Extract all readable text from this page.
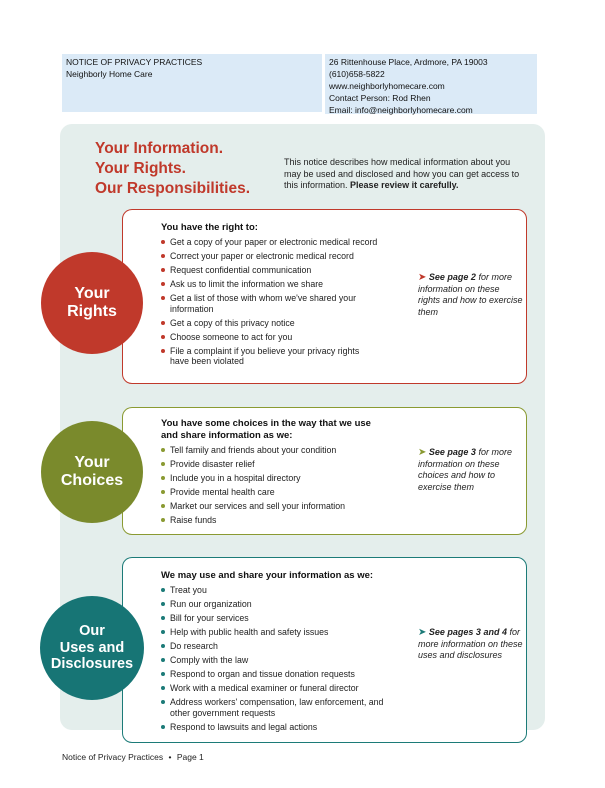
NOTICE OF PRIVACY PRACTICES
Neighborly Home Care
26 Rittenhouse Place, Ardmore, PA 19003
(610)658-5822
www.neighborlyhomecare.com
Contact Person: Rod Rhen
Email: info@neighborlyhomecare.com
Your Information.
Your Rights.
Our Responsibilities.
This notice describes how medical information about you may be used and disclosed and how you can get access to this information. Please review it carefully.
You have the right to:
Get a copy of your paper or electronic medical record
Correct your paper or electronic medical record
Request confidential communication
Ask us to limit the information we share
Get a list of those with whom we've shared your information
Get a copy of this privacy notice
Choose someone to act for you
File a complaint if you believe your privacy rights have been violated
➤ See page 2 for more information on these rights and how to exercise them
You have some choices in the way that we use and share information as we:
Tell family and friends about your condition
Provide disaster relief
Include you in a hospital directory
Provide mental health care
Market our services and sell your information
Raise funds
➤ See page 3 for more information on these choices and how to exercise them
We may use and share your information as we:
Treat you
Run our organization
Bill for your services
Help with public health and safety issues
Do research
Comply with the law
Respond to organ and tissue donation requests
Work with a medical examiner or funeral director
Address workers' compensation, law enforcement, and other government requests
Respond to lawsuits and legal actions
➤ See pages 3 and 4 for more information on these uses and disclosures
Your
Rights
Your
Choices
Our
Uses and
Disclosures
Notice of Privacy Practices • Page 1
